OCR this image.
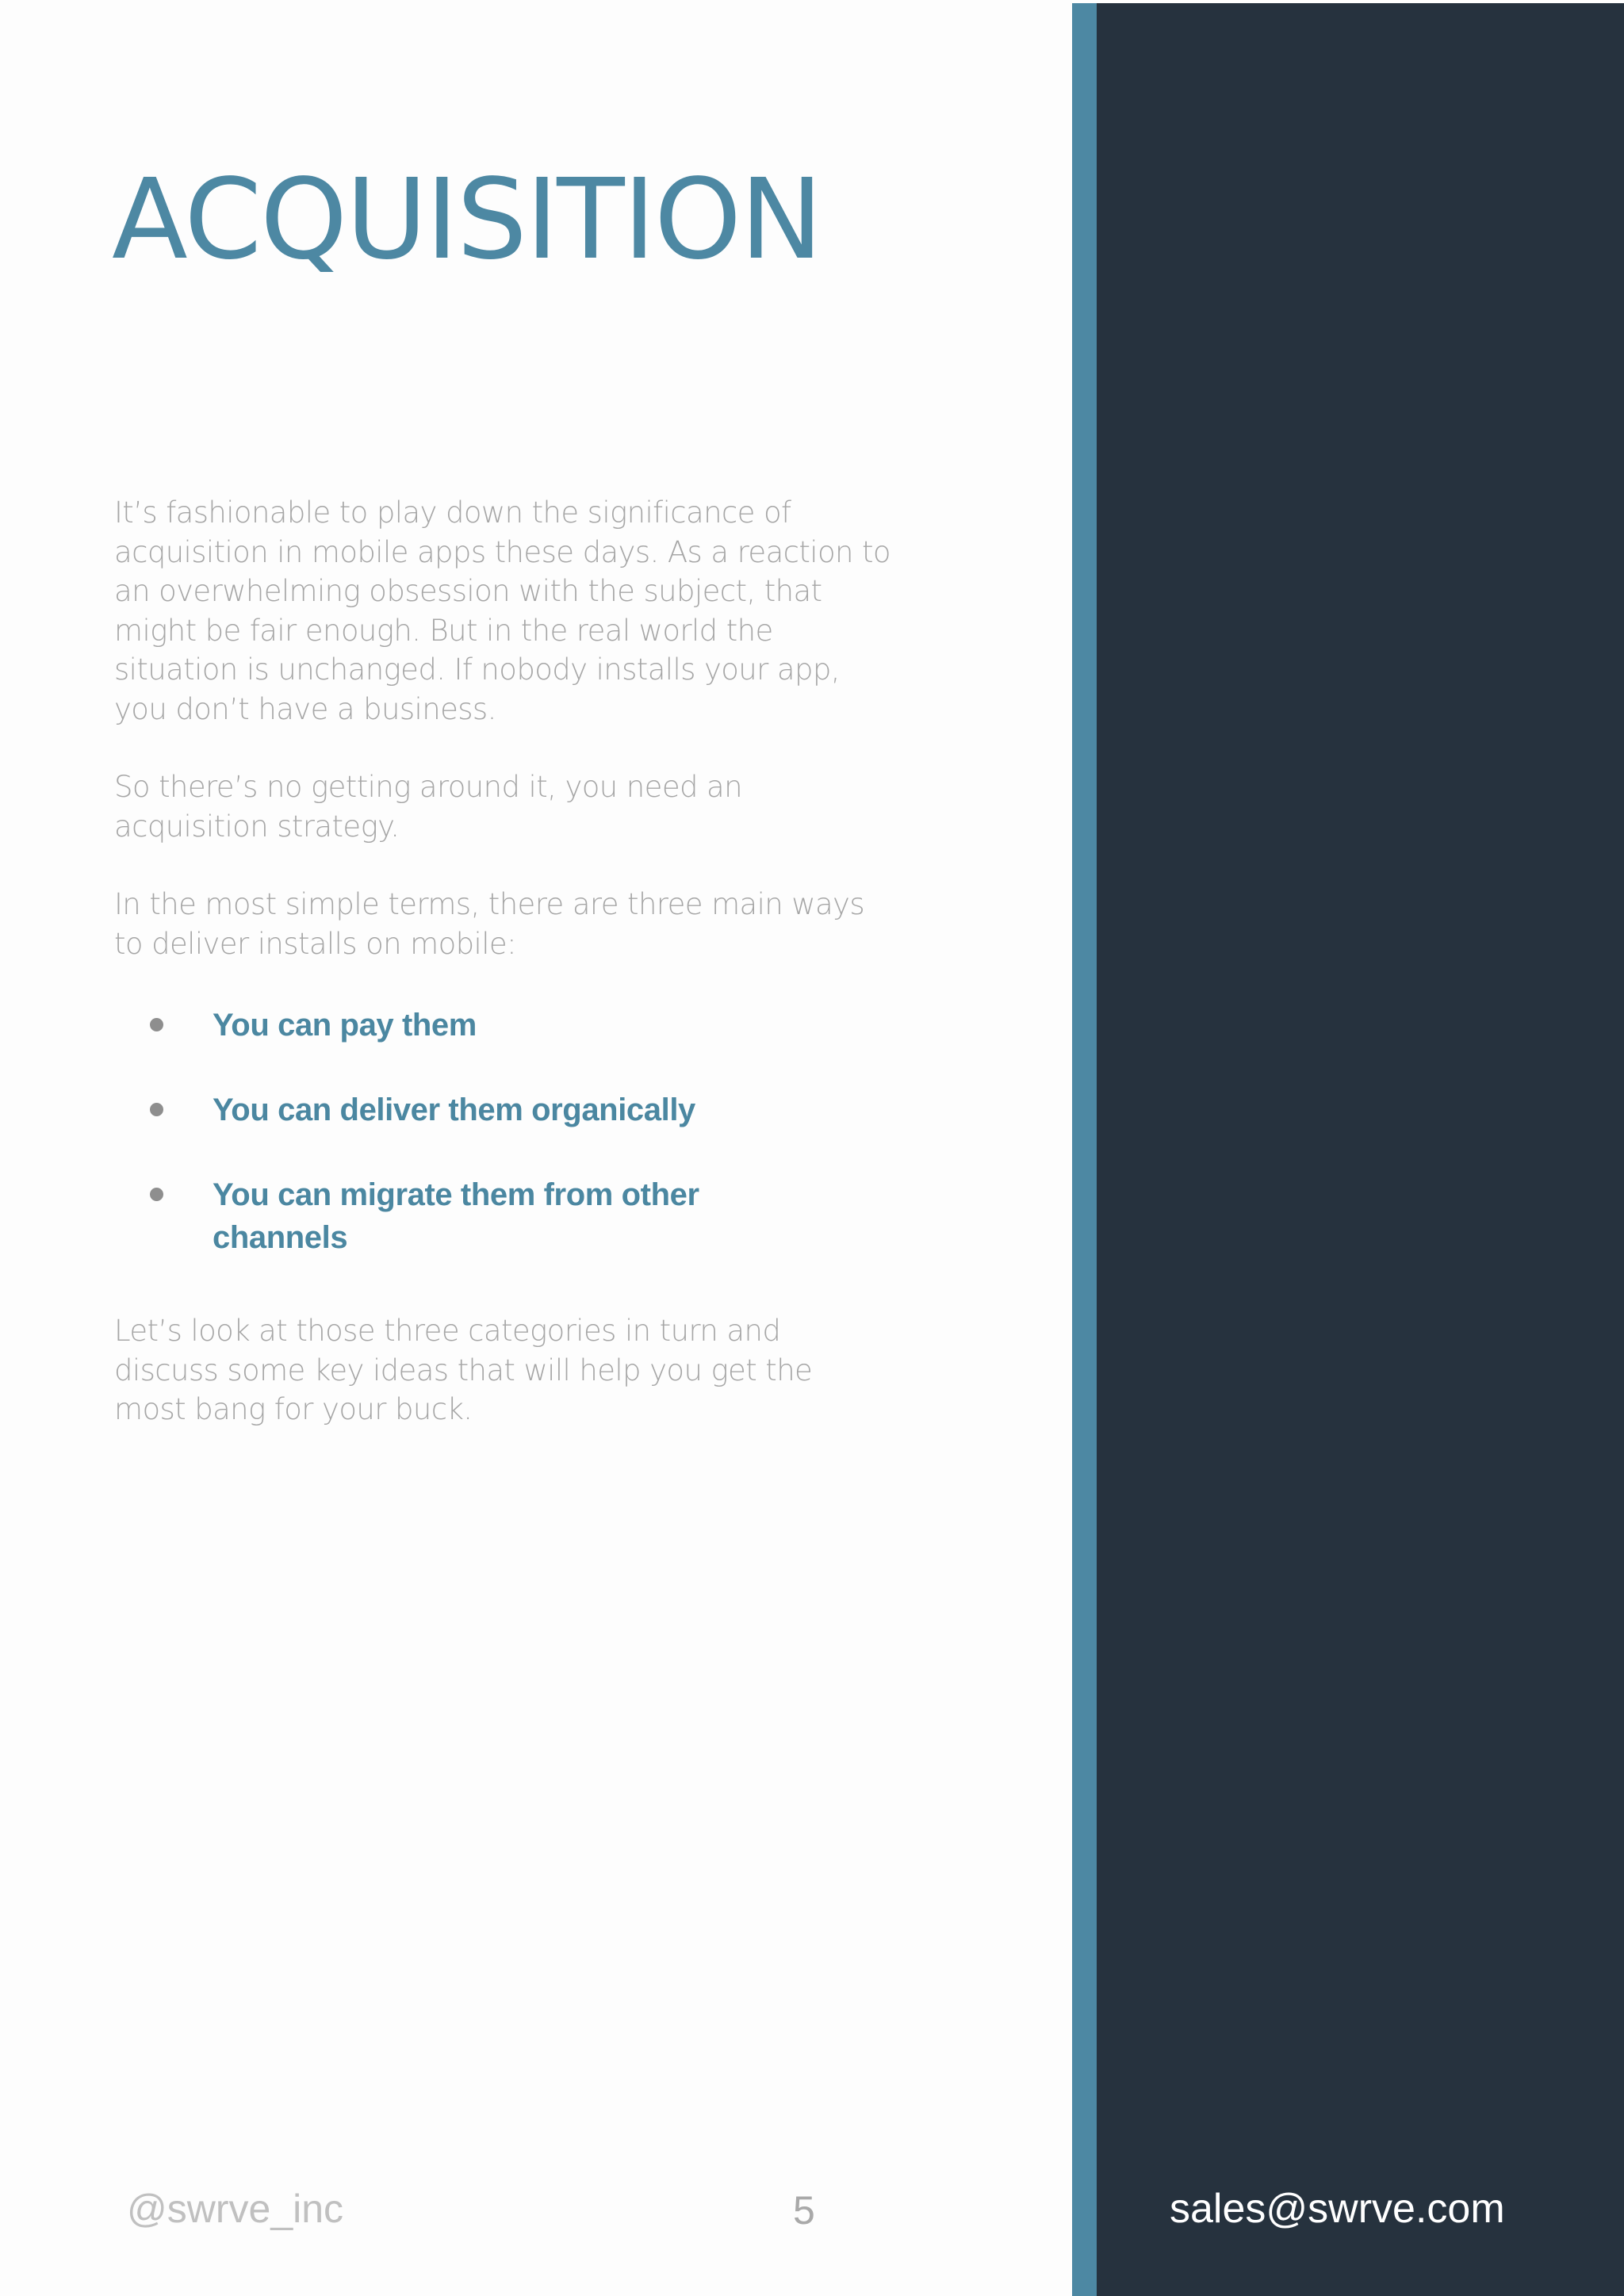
ACQUISITION

It’s fashionable to play down the significance of acquisition in mobile apps these days. As a reaction to an overwhelming obsession with the subject, that might be fair enough. But in the real world the situation is unchanged. If nobody installs your app, you don’t have a business.

So there’s no getting around it, you need an acquisition strategy.

In the most simple terms, there are three main ways to deliver installs on mobile:

You can pay them
You can deliver them organically
You can migrate them from other channels

Let’s look at those three categories in turn and discuss some key ideas that will help you get the most bang for your buck.

@swrve_inc	5	sales@swrve.com
